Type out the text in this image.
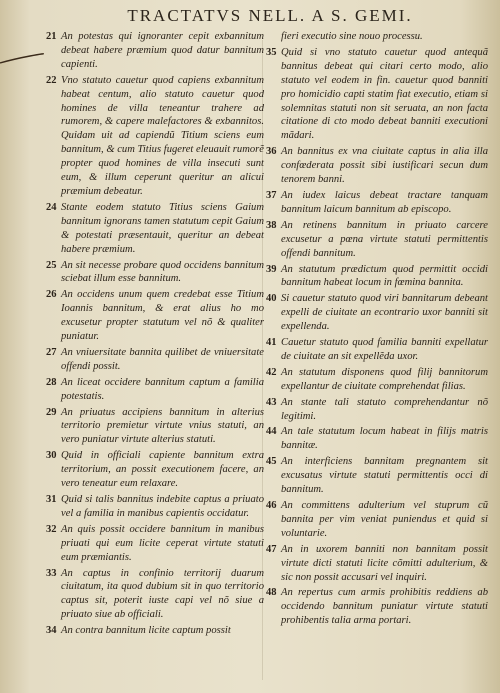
TRACTATVS NELL. A S. GEMI.
21 An potestas qui ignoranter cepit exbannitum debeat habere præmium quod datur bannitum capienti.
22 Vno statuto cauetur quod capiens exbannitum habeat centum, alio statuto cauetur quod homines de villa teneantur trahere ad rumorem, & capere malefactores & exbannitos. Quidam uit ad capiendũ Titium sciens eum bannitum, & cum Titius fugeret eleuauit rumorẽ propter quod homines de villa insecuti sunt eum, & illum ceperunt queritur an alicui præmium debeatur.
24 Stante eodem statuto Titius sciens Gaium bannitum ignorans tamen statutum cepit Gaium & potestati præsentauit, queritur an debeat habere præmium.
25 An sit necesse probare quod occidens bannitum sciebat illum esse bannitum.
26 An occidens unum quem credebat esse Titium Ioannis bannitum, & erat alius ho mo excusetur propter statutum vel nõ & qualiter puniatur.
27 An vniuersitate bannita quilibet de vniuersitate offendi possit.
28 An liceat occidere bannitum captum a familia potestatis.
29 An priuatus accipiens bannitum in alterius territorio premietur virtute vnius statuti, an vero puniatur virtute alterius statuti.
30 Quid in officiali capiente bannitum extra territorium, an possit executionem facere, an vero teneatur eum relaxare.
31 Quid si talis bannitus indebite captus a priuato vel a familia in manibus capientis occidatur.
32 An quis possit occidere bannitum in manibus priuati qui eum licite ceperat virtute statuti eum præmiantis.
33 An captus in confinio territorij duarum ciuitatum, ita quod dubium sit in quo territorio captus sit, poterit iuste capi vel nõ siue a priuato siue ab officiali.
34 An contra bannitum licite captum possit
fieri executio sine nouo processu.
35 Quid si vno statuto cauetur quod antequã bannitus debeat qui citari certo modo, alio statuto vel eodem in fin. cauetur quod banniti pro homicidio capti statim fiat executio, etiam si solemnitas statuti non sit seruata, an non facta citatione di cto modo debeat banniti executioni mãdari.
36 An bannitus ex vna ciuitate captus in alia illa confœderata possit sibi iustificari secun dum tenorem banni.
37 An iudex laicus debeat tractare tanquam bannitum laicum bannitum ab episcopo.
38 An retinens bannitum in priuato carcere excusetur a pœna virtute statuti permittentis offendi bannitum.
39 An statutum prædictum quod permittit occidi bannitum habeat locum in fœmina bannita.
40 Si cauetur statuto quod viri bannitarum debeant expelli de ciuitate an econtrario uxor banniti sit expellenda.
41 Cauetur statuto quod familia banniti expellatur de ciuitate an sit expellẽda uxor.
42 An statutum disponens quod filij bannitorum expellantur de ciuitate comprehendat filias.
43 An stante tali statuto comprehendantur nõ legitimi.
44 An tale statutum locum habeat in filijs matris bannitæ.
45 An interficiens bannitam pregnantem sit excusatus virtute statuti permittentis occi di bannitum.
46 An committens adulterium vel stuprum cũ bannita per vim veniat puniendus et quid si voluntarie.
47 An in uxorem banniti non bannitam possit virtute dicti statuti licite cõmitti adulterium, & sic non possit accusari vel inquiri.
48 An repertus cum armis prohibitis reddiens ab occidendo bannitum puniatur virtute statuti prohibentis talia arma portari.
